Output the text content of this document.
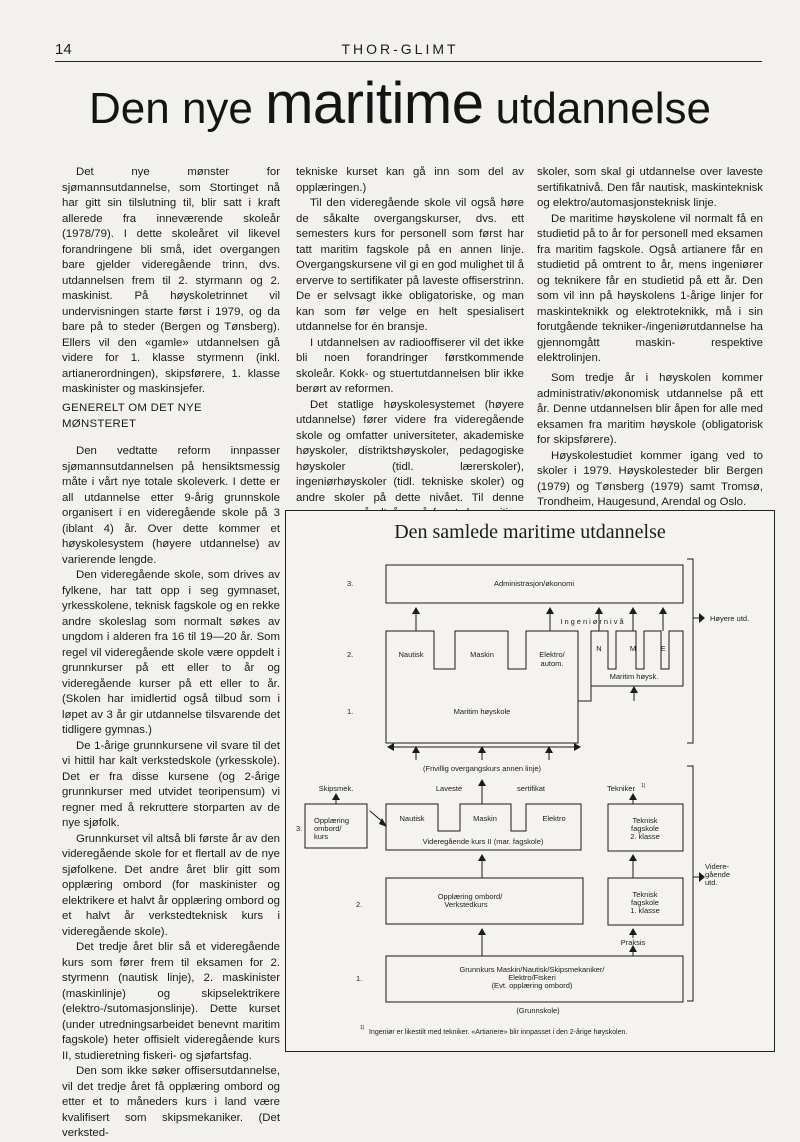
14	THOR-GLIMT
Den nye maritime utdannelse

Det nye mønster for sjømannsutdannelse, som Stortinget nå har gitt sin tilslutning til, blir satt i kraft allerede fra inneværende skoleår (1978/79). I dette skoleåret vil likevel forandringene bli små, idet overgangen bare gjelder videregående trinn, dvs. utdannelsen frem til 2. styrmann og 2. maskinist. På høyskoletrinnet vil undervisningen starte først i 1979, og da bare på to steder (Bergen og Tønsberg). Ellers vil den «gamle» utdannelsen gå videre for 1. klasse styrmenn (inkl. artianerordningen), skipsførere, 1. klasse maskinister og maskinsjefer.

GENERELT OM DET NYE
MØNSTERET

Den vedtatte reform innpasser sjømannsutdannelsen på hensiktsmessig måte i vårt nye totale skoleverk. I dette er all utdannelse etter 9-årig grunnskole organisert i en videregående skole på 3 (iblant 4) år. Over dette kommer et høyskolesystem (høyere utdannelse) av varierende lengde.

Den videregående skole, som drives av fylkene, har tatt opp i seg gymnaset, yrkesskolene, teknisk fagskole og en rekke andre skoleslag som normalt søkes av ungdom i alderen fra 16 til 19—20 år. Som regel vil videregående skole være oppdelt i grunnkurser på ett eller to år og videregående kurser på ett eller to år. (Skolen har imidlertid også tilbud som i løpet av 3 år gir utdannelse tilsvarende det tidligere gymnas.)

De 1-årige grunnkursene vil svare til det vi hittil har kalt verkstedskole (yrkesskole). Det er fra disse kursene (og 2-årige grunnkurser med utvidet teoripensum) vi regner med å rekruttere storparten av de nye sjøfolk.

Grunnkurset vil altså bli første år av den videregående skole for et flertall av de nye sjøfolkene. Det andre året blir gitt som opplæring ombord (for maskinister og elektrikere et halvt år opplæring ombord og et halvt år verkstedteknisk kurs i videregående skole).

Det tredje året blir så et videregående kurs som fører frem til eksamen for 2. styrmenn (nautisk linje), 2. maskinister (maskinlinje) og skipselektrikere (elektro-/sutomasjonslinje). Dette kurset (under utredningsarbeidet benevnt maritim fagskole) heter offisielt videregående kurs II, studieretning fiskeri- og sjøfartsfag.

Den som ikke søker offisersutdannelse, vil det tredje året få opplæring ombord og etter et to måneders kurs i land være kvalifisert som skipsmekaniker. (Det verksted-

tekniske kurset kan gå inn som del av opplæringen.)

Til den videregående skole vil også høre de såkalte overgangskurser, dvs. ett semesters kurs for personell som først har tatt maritim fagskole på en annen linje. Overgangskursene vil gi en god mulighet til å erverve to sertifikater på laveste offiserstrinn. De er selvsagt ikke obligatoriske, og man kan som før velge en helt spesialisert utdannelse for én bransje.

I utdannelsen av radiooffiserer vil det ikke bli noen forandringer førstkommende skoleår. Kokk- og stuertutdannelsen blir ikke berørt av reformen.

Det statlige høyskolesystemet (høyere utdannelse) fører videre fra videregående skole og omfatter universiteter, akademiske høyskoler, distriktshøyskoler, pedagogiske høyskoler (tidl. lærerskoler), ingeniørhøyskoler (tidl. tekniske skoler) og andre skoler på dette nivået. Til denne

skoler, som skal gi utdannelse over laveste sertifikatnivå. Den får nautisk, maskinteknisk og elektro/automasjonsteknisk linje.

De maritime høyskolene vil normalt få en studietid på to år for personell med eksamen fra maritim fagskole. Også artianere får en studietid på omtrent to år, mens ingeniører og teknikere får en studietid på ett år. Den som vil inn på høyskolens 1-årige linjer for maskinteknikk og elektroteknikk, må i sin forutgående tekniker-/ingeniørutdannelse ha gjennomgått maskin- respektive elektrolinjen.

Som tredje år i høyskolen kommer administrativ/økonomisk utdannelse på ett år. Denne utdannelsen blir åpen for alle med eksamen fra maritim høyskole (obligatorisk for skipsførere).

Høyskolestudiet kommer igang ved to skoler i 1979. Høyskolesteder blir Bergen (1979) og Tønsberg (1979) samt Tromsø, Trondheim, Haugesund, Arendal og Oslo.

Den samlede maritime utdannelse
3.	Administrasjon/økonomi
Ingeniørnivå
2.	Nautisk	Maskin	Elektro/
autom.
N	M	E
Maritim høysk.
1.	Maritim høyskole
Høyere utd.
(Frivillig overgangskurs annen linje)
Skipsmek.	Laveste	sertifikat	Tekniker 1)
3.
Opplæring
ombord/
kurs
Nautisk	Maskin	Elektro
Videregående kurs II (mar. fagskole)
Teknisk
fagskole
2. klasse
2.
Opplæring ombord/
Verkstedkurs
Teknisk
fagskole
1. klasse
Praksis
1.
Grunnkurs Maskin/Nautisk/Skipsmekaniker/
Elektro/Fiskeri
(Evt. opplæring ombord)
(Grunnskole)
Videre-
gående
utd.
1)
Ingeniør er likestilt med tekniker. «Artianere» blir innpasset i den 2-årige høyskolen.
